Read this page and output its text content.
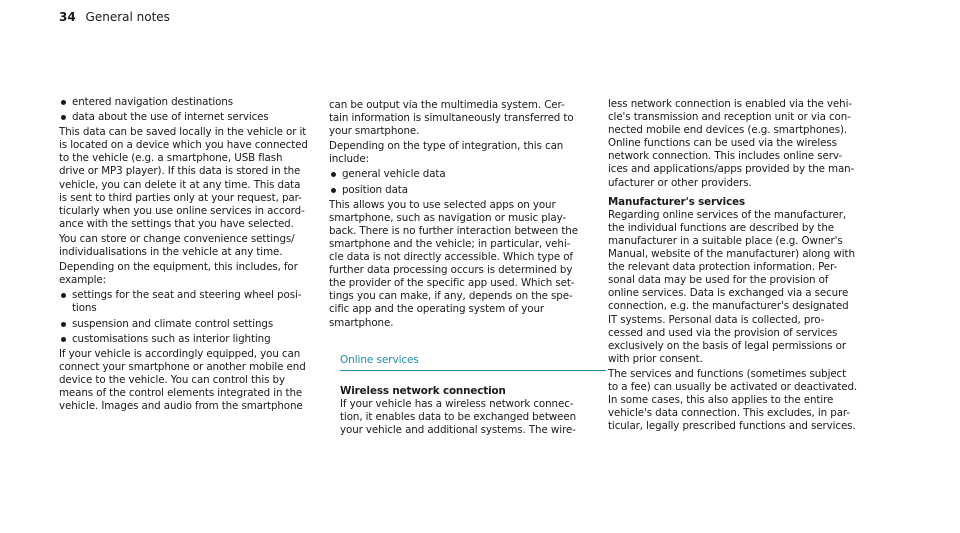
34 General notes
entered navigation destinations
data about the use of internet services
This data can be saved locally in the vehicle or it
is located on a device which you have connected
to the vehicle (e.g. a smartphone, USB flash
drive or MP3 player). If this data is stored in the
vehicle, you can delete it at any time. This data
is sent to third parties only at your request, par-
ticularly when you use online services in accord-
ance with the settings that you have selected.
You can store or change convenience settings/
individualisations in the vehicle at any time.
Depending on the equipment, this includes, for
example:
settings for the seat and steering wheel posi-
tions
suspension and climate control settings
customisations such as interior lighting
If your vehicle is accordingly equipped, you can
connect your smartphone or another mobile end
device to the vehicle. You can control this by
means of the control elements integrated in the
vehicle. Images and audio from the smartphone
can be output via the multimedia system. Cer-
tain information is simultaneously transferred to
your smartphone.
Depending on the type of integration, this can
include:
general vehicle data
position data
This allows you to use selected apps on your
smartphone, such as navigation or music play-
back. There is no further interaction between the
smartphone and the vehicle; in particular, vehi-
cle data is not directly accessible. Which type of
further data processing occurs is determined by
the provider of the specific app used. Which set-
tings you can make, if any, depends on the spe-
cific app and the operating system of your
smartphone.
Online services
Wireless network connection
If your vehicle has a wireless network connec-
tion, it enables data to be exchanged between
your vehicle and additional systems. The wire-
less network connection is enabled via the vehi-
cle's transmission and reception unit or via con-
nected mobile end devices (e.g. smartphones).
Online functions can be used via the wireless
network connection. This includes online serv-
ices and applications/apps provided by the man-
ufacturer or other providers.
Manufacturer's services
Regarding online services of the manufacturer,
the individual functions are described by the
manufacturer in a suitable place (e.g. Owner's
Manual, website of the manufacturer) along with
the relevant data protection information. Per-
sonal data may be used for the provision of
online services. Data is exchanged via a secure
connection, e.g. the manufacturer's designated
IT systems. Personal data is collected, pro-
cessed and used via the provision of services
exclusively on the basis of legal permissions or
with prior consent.
The services and functions (sometimes subject
to a fee) can usually be activated or deactivated.
In some cases, this also applies to the entire
vehicle's data connection. This excludes, in par-
ticular, legally prescribed functions and services.
